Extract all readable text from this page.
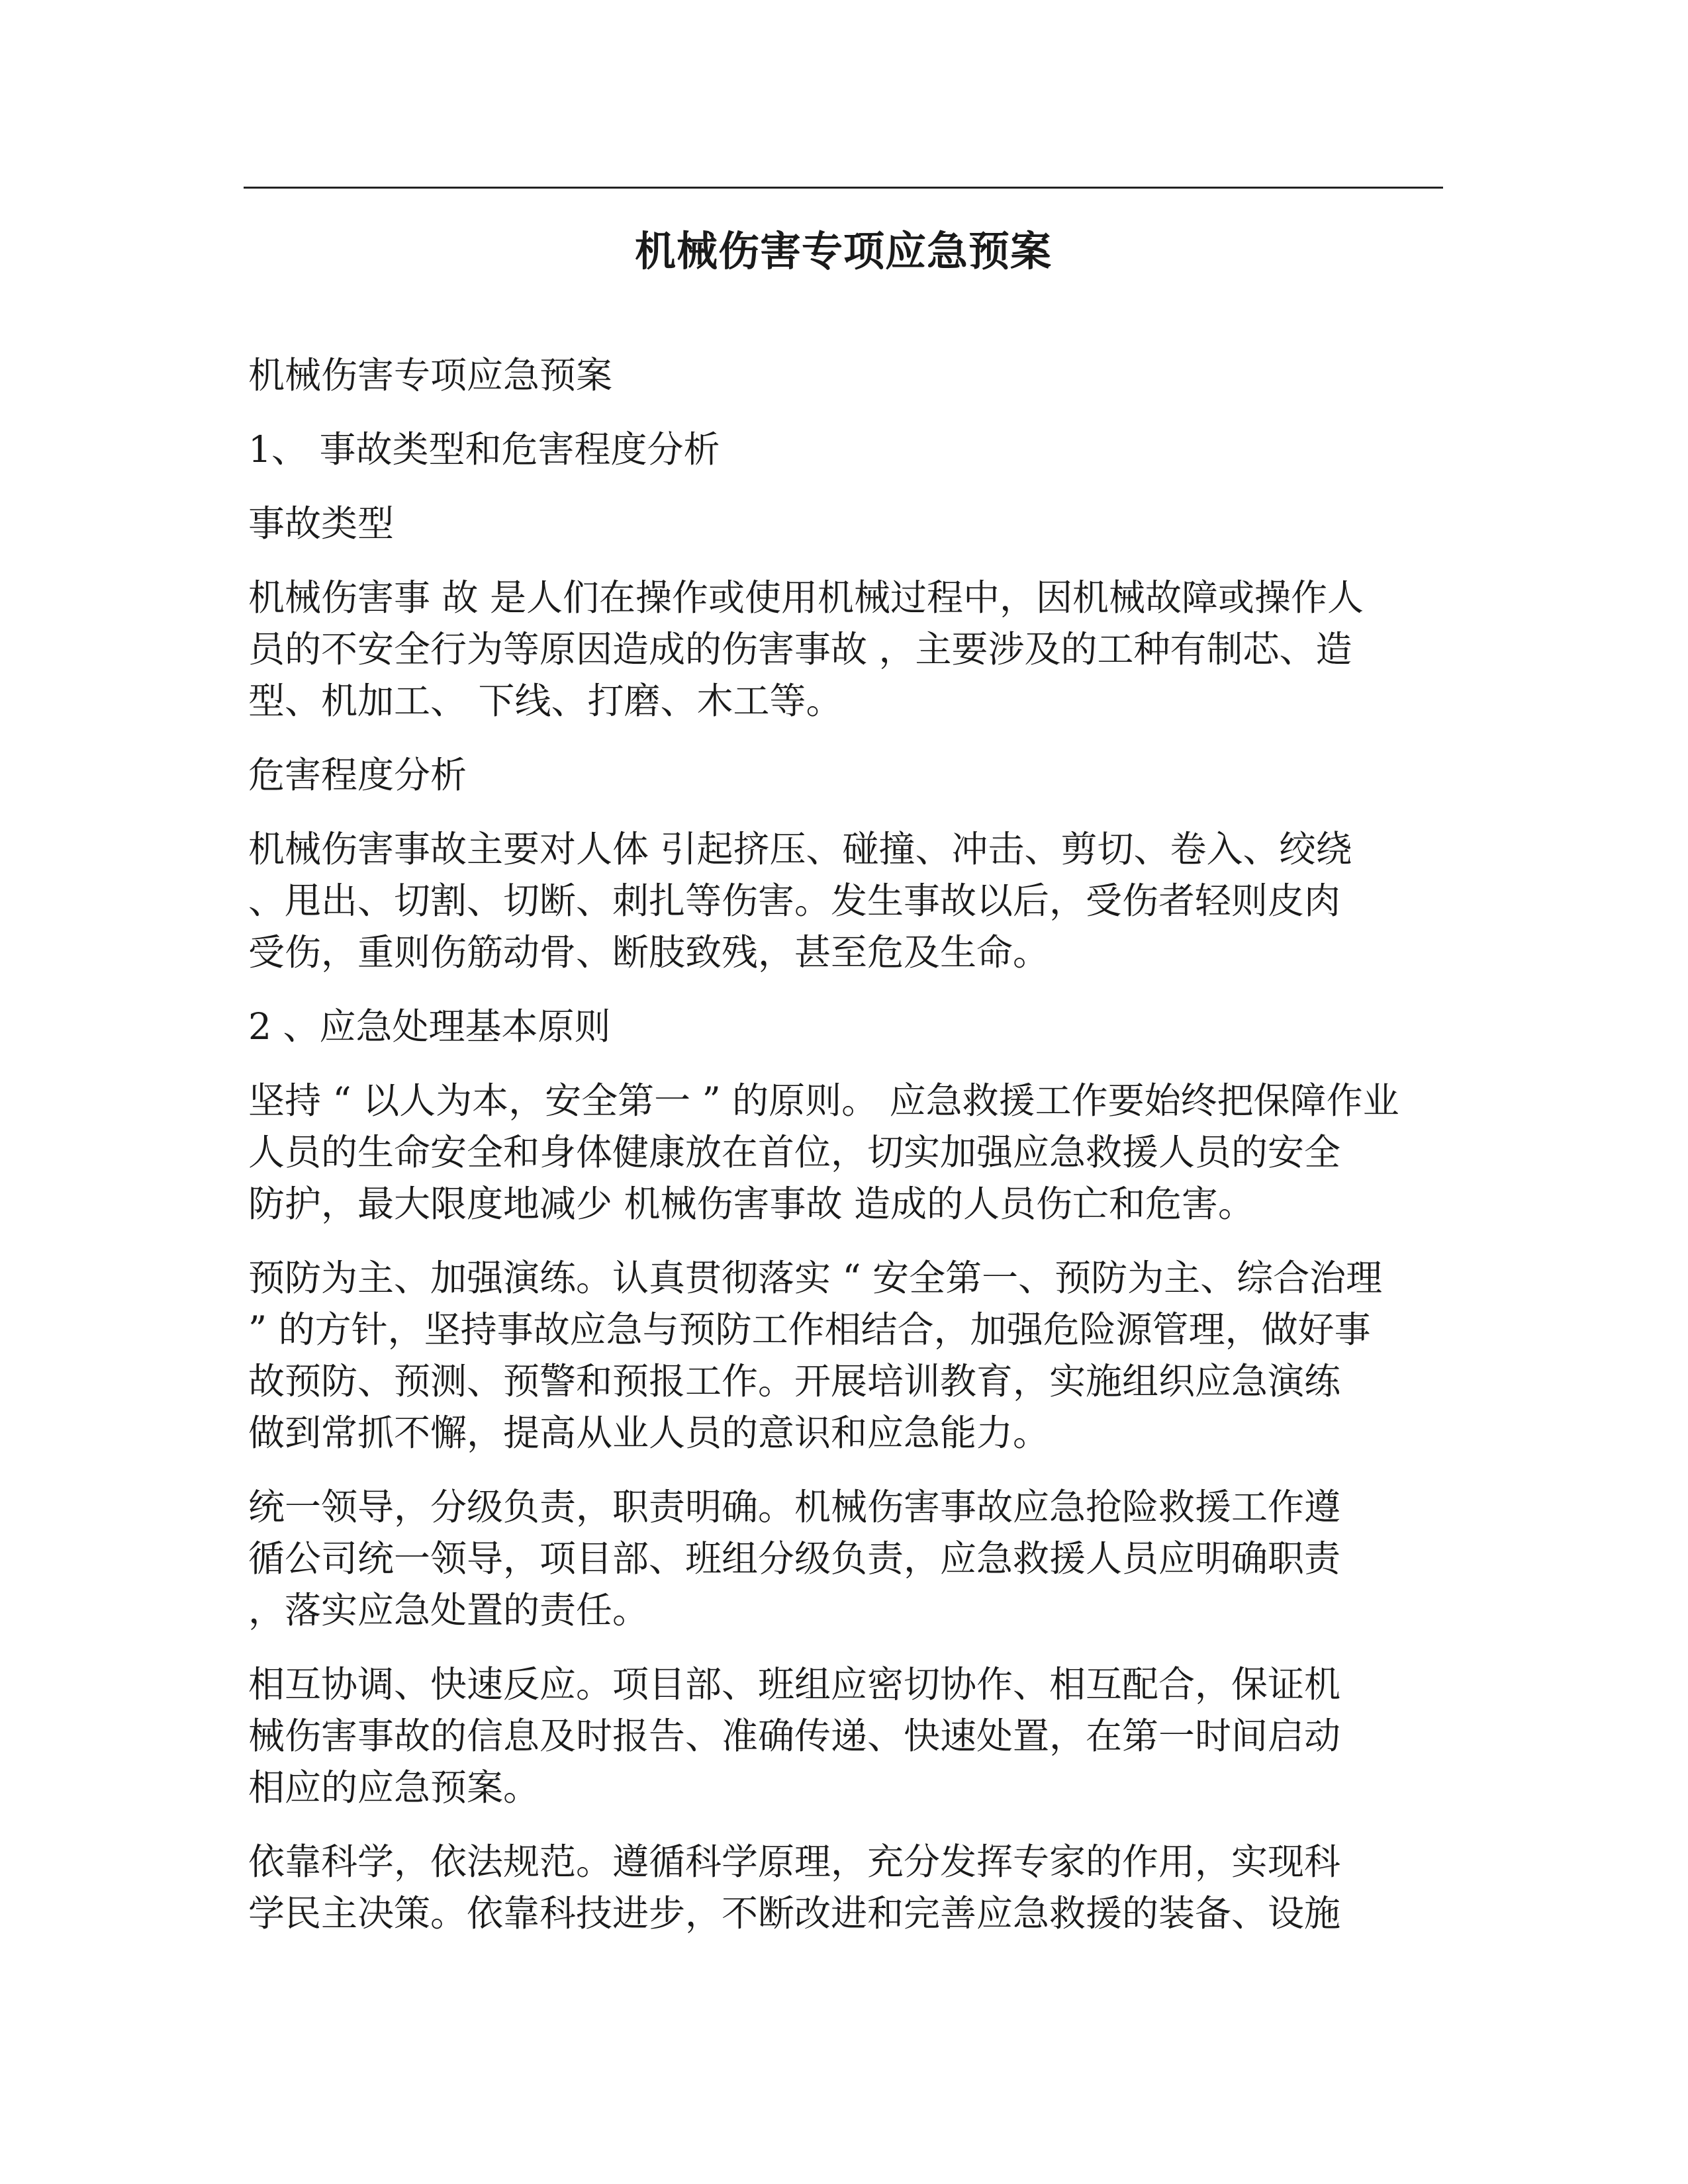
机械伤害专项应急预案

机械伤害专项应急预案

1、 事故类型和危害程度分析

事故类型

机械伤害事 故 是人们在操作或使用机械过程中，因机械故障或操作人
员的不安全行为等原因造成的伤害事故 ，主要涉及的工种有制芯、造
型、机加工、 下线、打磨、木工等。

危害程度分析

机械伤害事故主要对人体 引起挤压、碰撞、冲击、剪切、卷入、绞绕
、甩出、切割、切断、刺扎等伤害。发生事故以后，受伤者轻则皮肉
受伤，重则伤筋动骨、断肢致残，甚至危及生命。

2 、应急处理基本原则

坚持 “ 以人为本，安全第一 ” 的原则。 应急救援工作要始终把保障作业
人员的生命安全和身体健康放在首位，切实加强应急救援人员的安全
防护，最大限度地减少 机械伤害事故 造成的人员伤亡和危害。

预防为主、加强演练。认真贯彻落实 “ 安全第一、预防为主、综合治理
” 的方针，坚持事故应急与预防工作相结合，加强危险源管理，做好事
故预防、预测、预警和预报工作。开展培训教育，实施组织应急演练
做到常抓不懈，提高从业人员的意识和应急能力。

统一领导，分级负责，职责明确。机械伤害事故应急抢险救援工作遵
循公司统一领导，项目部、班组分级负责，应急救援人员应明确职责
，落实应急处置的责任。

相互协调、快速反应。项目部、班组应密切协作、相互配合，保证机
械伤害事故的信息及时报告、准确传递、快速处置，在第一时间启动
相应的应急预案。

依靠科学，依法规范。遵循科学原理，充分发挥专家的作用，实现科
学民主决策。依靠科技进步，不断改进和完善应急救援的装备、设施
